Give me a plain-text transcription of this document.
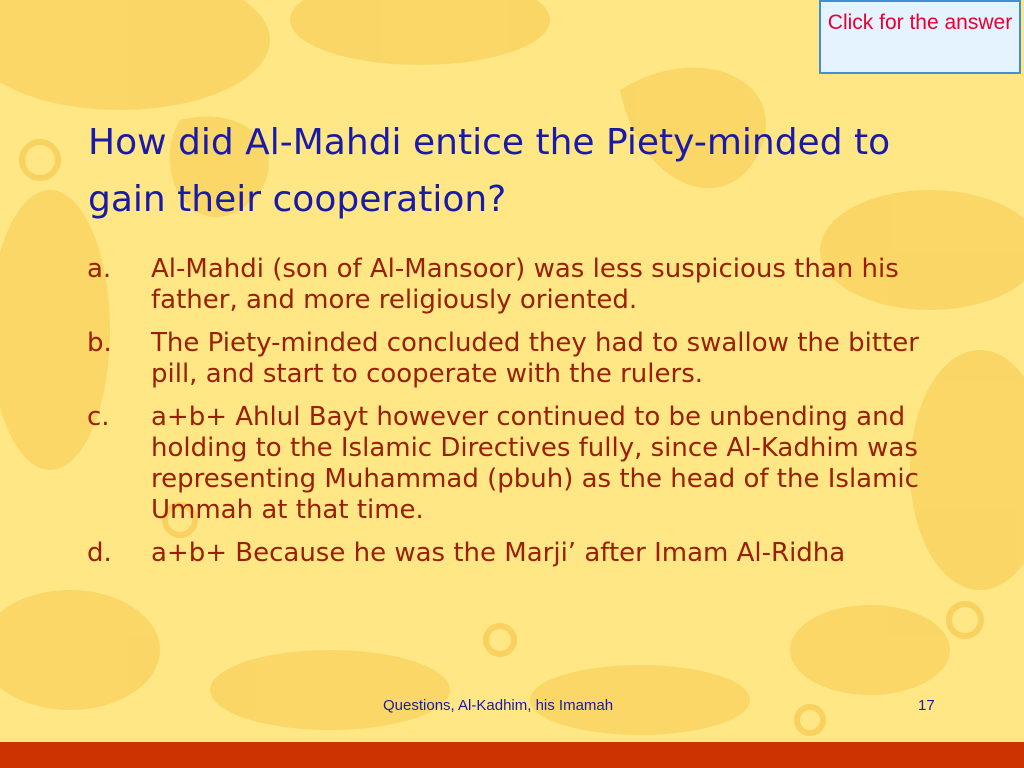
Click for the answer
How did Al-Mahdi entice the Piety-minded to gain their cooperation?
a. Al-Mahdi (son of Al-Mansoor) was less suspicious than his father, and more religiously oriented.
b. The Piety-minded concluded they had to swallow the bitter pill, and start to cooperate with the rulers.
c. a+b+ Ahlul Bayt however continued to be unbending and holding to the Islamic Directives fully, since Al-Kadhim was representing Muhammad (pbuh) as the head of the Islamic Ummah at that time.
d. a+b+ Because he was the Marji’ after Imam Al-Ridha
Questions, Al-Kadhim, his Imamah	17
